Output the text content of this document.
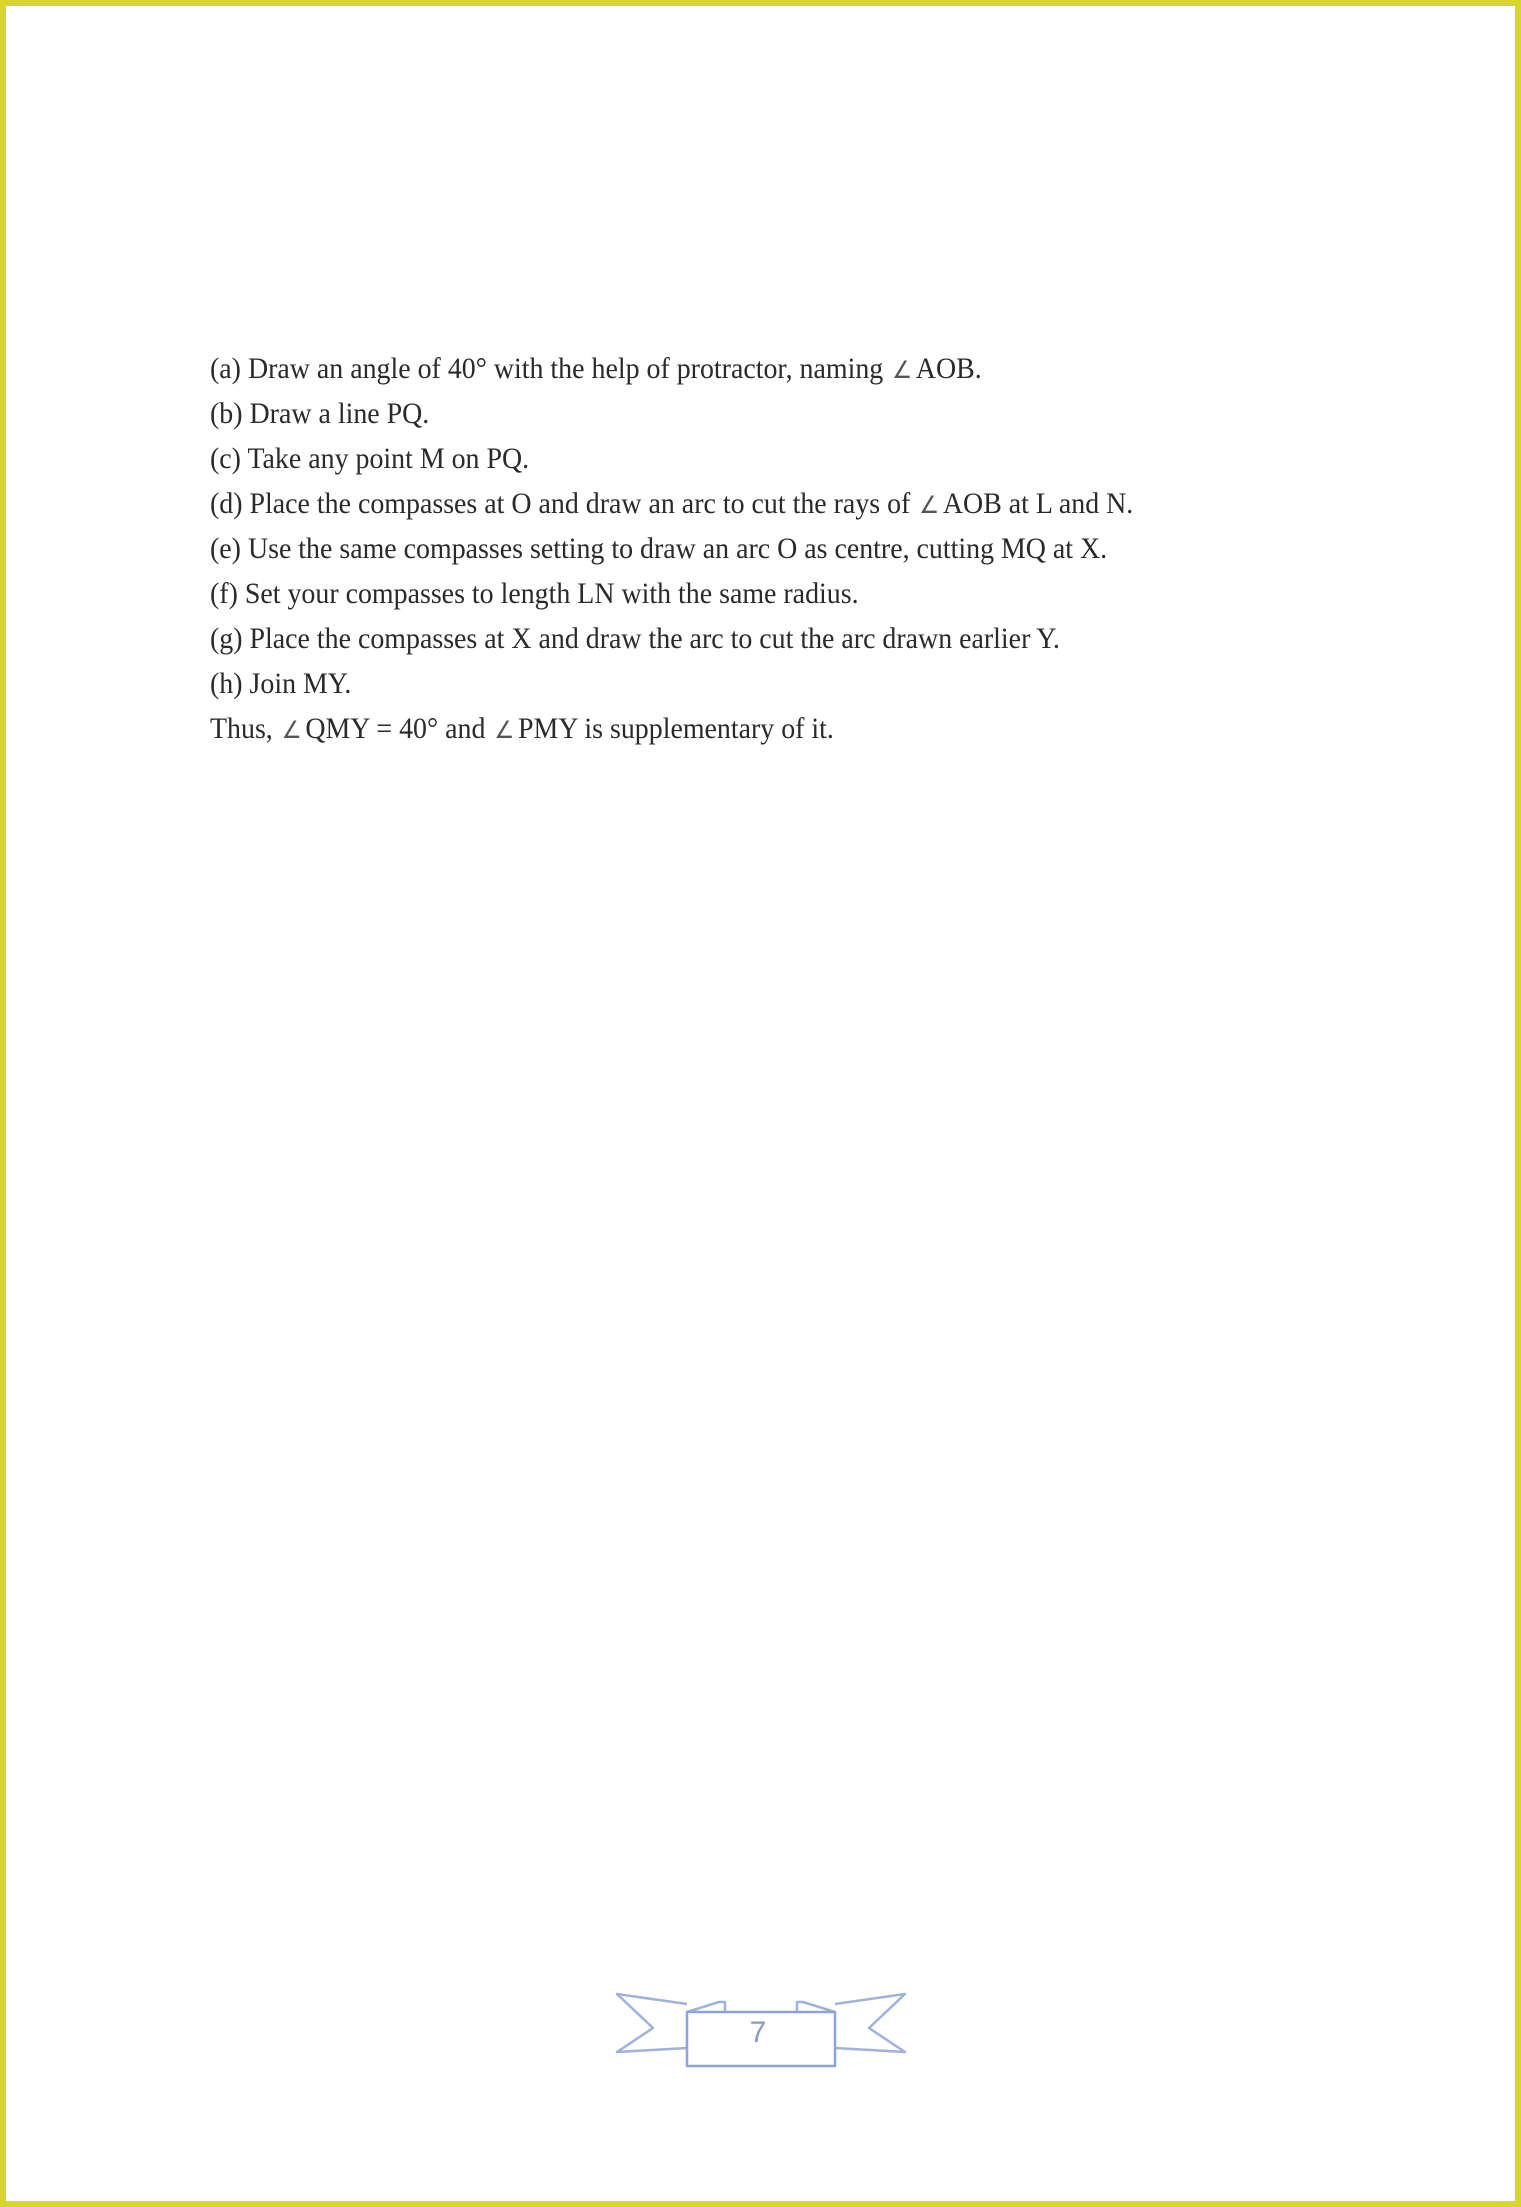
(a) Draw an angle of 40° with the help of protractor, naming ∠ AOB.
(b) Draw a line PQ.
(c) Take any point M on PQ.
(d) Place the compasses at O and draw an arc to cut the rays of ∠ AOB at L and N.
(e) Use the same compasses setting to draw an arc O as centre, cutting MQ at X.
(f) Set your compasses to length LN with the same radius.
(g) Place the compasses at X and draw the arc to cut the arc drawn earlier Y.
(h) Join MY.
Thus, ∠ QMY = 40° and ∠ PMY is supplementary of it.
7
